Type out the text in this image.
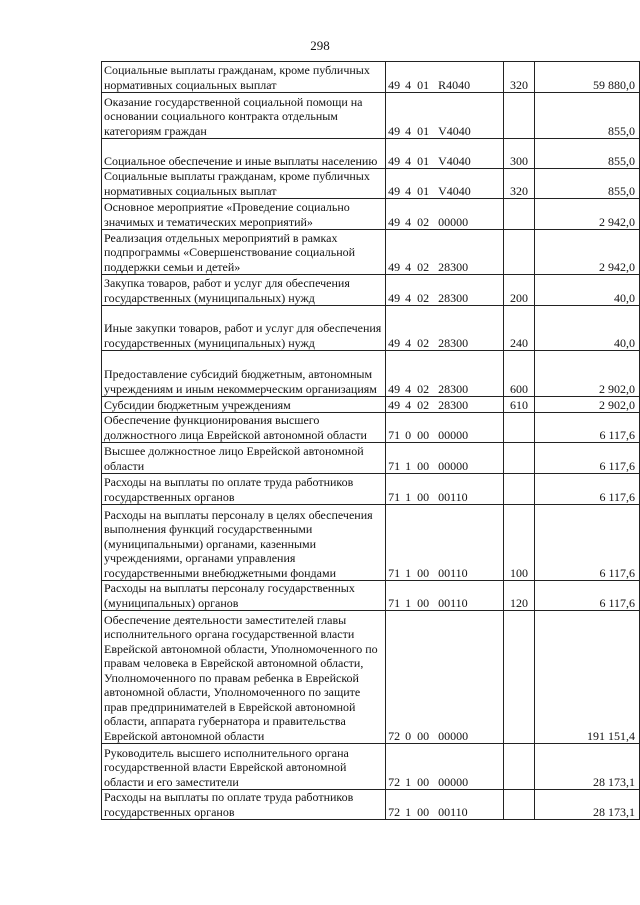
298
Социальные выплаты гражданам, кроме публичных нормативных социальных выплат	49 4 01 R4040	320	59 880,0
Оказание государственной социальной помощи на основании социального контракта отдельным категориям граждан	49 4 01 V4040		855,0
Социальное обеспечение и иные выплаты населению	49 4 01 V4040	300	855,0
Социальные выплаты гражданам, кроме публичных нормативных социальных выплат	49 4 01 V4040	320	855,0
Основное мероприятие «Проведение социально значимых и тематических мероприятий»	49 4 02 00000		2 942,0
Реализация отдельных мероприятий в рамках подпрограммы «Совершенствование социальной поддержки семьи и детей»	49 4 02 28300		2 942,0
Закупка товаров, работ и услуг для обеспечения государственных (муниципальных) нужд	49 4 02 28300	200	40,0
Иные закупки товаров, работ и услуг для обеспечения государственных (муниципальных) нужд	49 4 02 28300	240	40,0
Предоставление субсидий бюджетным, автономным учреждениям и иным некоммерческим организациям	49 4 02 28300	600	2 902,0
Субсидии бюджетным учреждениям	49 4 02 28300	610	2 902,0
Обеспечение функционирования высшего должностного лица Еврейской автономной области	71 0 00 00000		6 117,6
Высшее должностное лицо Еврейской автономной области	71 1 00 00000		6 117,6
Расходы на выплаты по оплате труда работников государственных органов	71 1 00 00110		6 117,6
Расходы на выплаты персоналу в целях обеспечения выполнения функций государственными (муниципальными) органами, казенными учреждениями, органами управления государственными внебюджетными фондами	71 1 00 00110	100	6 117,6
Расходы на выплаты персоналу государственных (муниципальных) органов	71 1 00 00110	120	6 117,6
Обеспечение деятельности заместителей главы исполнительного органа государственной власти Еврейской автономной области, Уполномоченного по правам человека в Еврейской автономной области, Уполномоченного по правам ребенка в Еврейской автономной области, Уполномоченного по защите прав предпринимателей в Еврейской автономной области, аппарата губернатора и правительства Еврейской автономной области	72 0 00 00000		191 151,4
Руководитель высшего исполнительного органа государственной власти Еврейской автономной области и его заместители	72 1 00 00000		28 173,1
Расходы на выплаты по оплате труда работников государственных органов	72 1 00 00110		28 173,1
